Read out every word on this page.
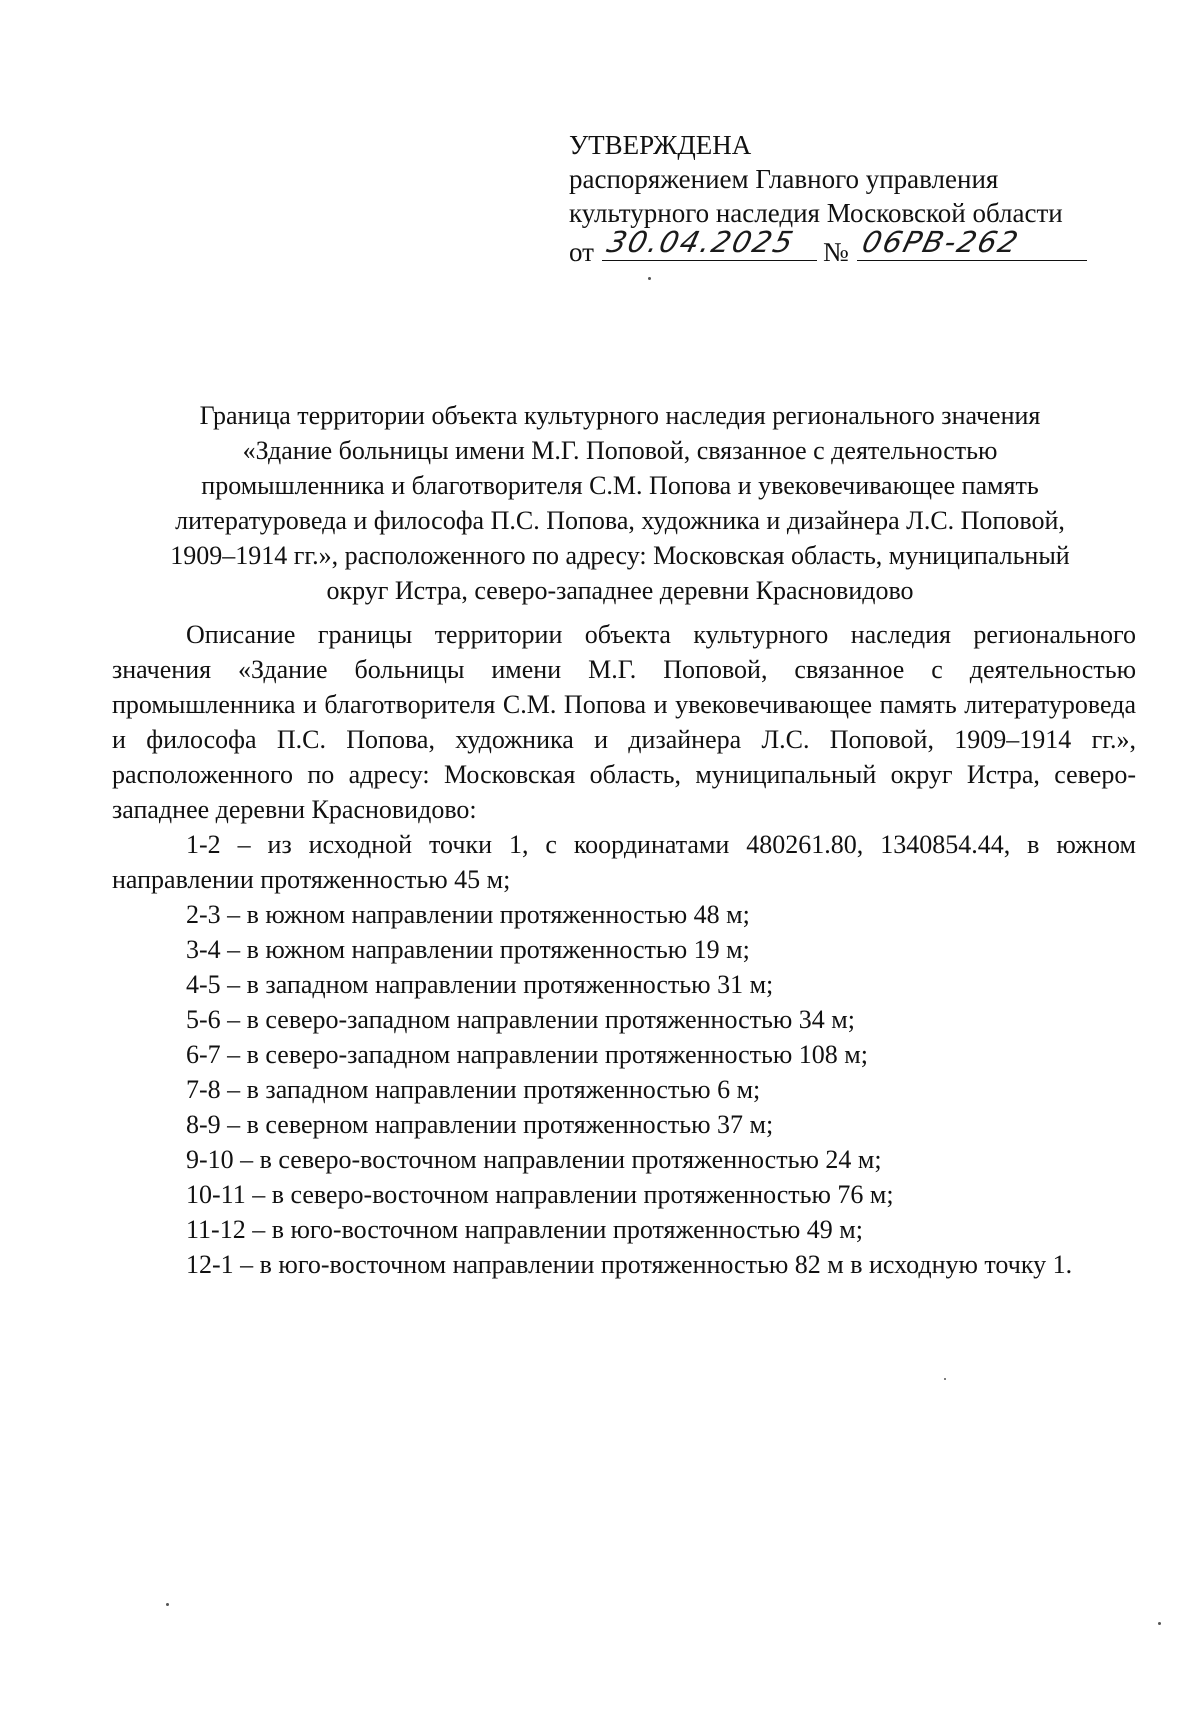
УТВЕРЖДЕНА
распоряжением Главного управления
культурного наследия Московской области
от 30.04.2025 № 06РВ-262
Граница территории объекта культурного наследия регионального значения
«Здание больницы имени М.Г. Поповой, связанное с деятельностью
промышленника и благотворителя С.М. Попова и увековечивающее память
литературоведа и философа П.С. Попова, художника и дизайнера Л.С. Поповой,
1909–1914 гг.», расположенного по адресу: Московская область, муниципальный
округ Истра, северо-западнее деревни Красновидово

Описание границы территории объекта культурного наследия регионального значения «Здание больницы имени М.Г. Поповой, связанное с деятельностью промышленника и благотворителя С.М. Попова и увековечивающее память литературоведа и философа П.С. Попова, художника и дизайнера Л.С. Поповой, 1909–1914 гг.», расположенного по адресу: Московская область, муниципальный округ Истра, северо-западнее деревни Красновидово:

1-2 – из исходной точки 1, с координатами 480261.80, 1340854.44, в южном направлении протяженностью 45 м;

2-3 – в южном направлении протяженностью 48 м;
3-4 – в южном направлении протяженностью 19 м;
4-5 – в западном направлении протяженностью 31 м;
5-6 – в северо-западном направлении протяженностью 34 м;
6-7 – в северо-западном направлении протяженностью 108 м;
7-8 – в западном направлении протяженностью 6 м;
8-9 – в северном направлении протяженностью 37 м;
9-10 – в северо-восточном направлении протяженностью 24 м;
10-11 – в северо-восточном направлении протяженностью 76 м;
11-12 – в юго-восточном направлении протяженностью 49 м;
12-1 – в юго-восточном направлении протяженностью 82 м в исходную точку 1.
